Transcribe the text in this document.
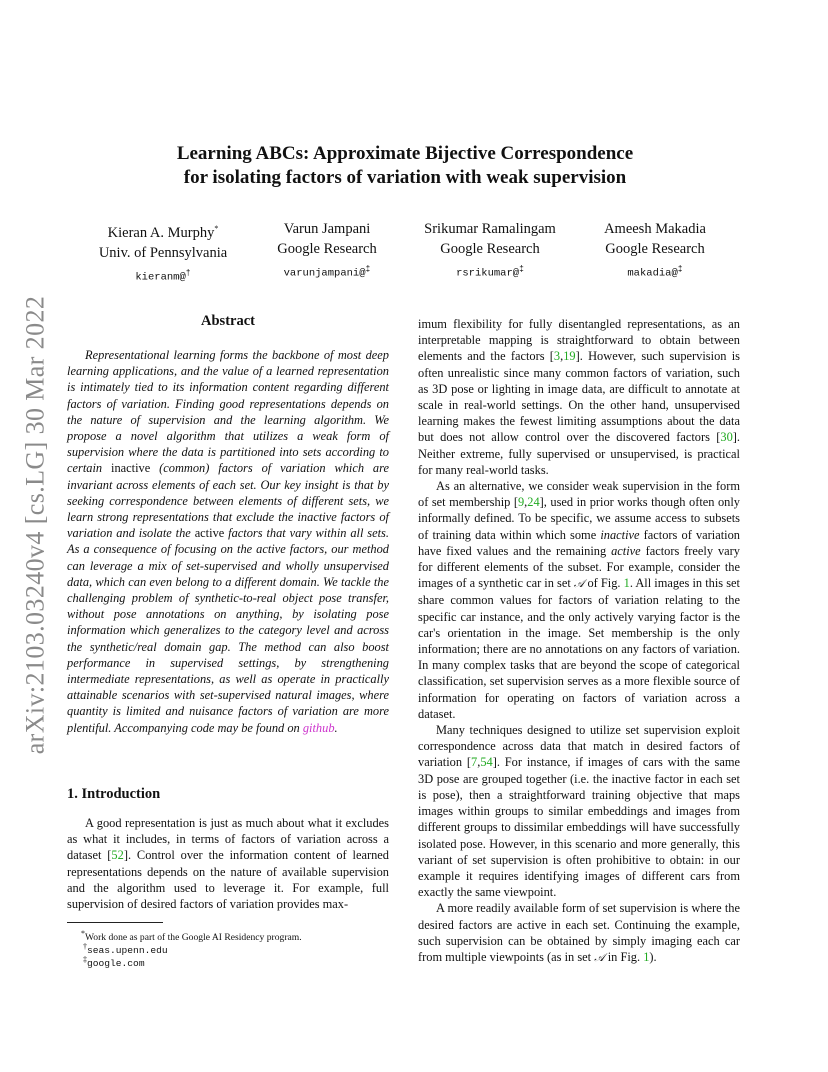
arXiv:2103.03240v4 [cs.LG] 30 Mar 2022
Learning ABCs: Approximate Bijective Correspondence
for isolating factors of variation with weak supervision
Kieran A. Murphy*
Univ. of Pennsylvania
kieranm@†
Varun Jampani
Google Research
varunjampani@‡
Srikumar Ramalingam
Google Research
rsrikumar@‡
Ameesh Makadia
Google Research
makadia@‡
Abstract

Representational learning forms the backbone of most deep learning applications, and the value of a learned representation is intimately tied to its information content regarding different factors of variation. Finding good representations depends on the nature of supervision and the learning algorithm. We propose a novel algorithm that utilizes a weak form of supervision where the data is partitioned into sets according to certain inactive (common) factors of variation which are invariant across elements of each set. Our key insight is that by seeking correspondence between elements of different sets, we learn strong representations that exclude the inactive factors of variation and isolate the active factors that vary within all sets. As a consequence of focusing on the active factors, our method can leverage a mix of set-supervised and wholly unsupervised data, which can even belong to a different domain. We tackle the challenging problem of synthetic-to-real object pose transfer, without pose annotations on anything, by isolating pose information which generalizes to the category level and across the synthetic/real domain gap. The method can also boost performance in supervised settings, by strengthening intermediate representations, as well as operate in practically attainable scenarios with set-supervised natural images, where quantity is limited and nuisance factors of variation are more plentiful. Accompanying code may be found on github.

1. Introduction

A good representation is just as much about what it excludes as what it includes, in terms of factors of variation across a dataset [52]. Control over the information content of learned representations depends on the nature of available supervision and the algorithm used to leverage it. For example, full supervision of desired factors of variation provides max-

*Work done as part of the Google AI Residency program.
†seas.upenn.edu
‡google.com

imum flexibility for fully disentangled representations, as an interpretable mapping is straightforward to obtain between elements and the factors [3,19]. However, such supervision is often unrealistic since many common factors of variation, such as 3D pose or lighting in image data, are difficult to annotate at scale in real-world settings. On the other hand, unsupervised learning makes the fewest limiting assumptions about the data but does not allow control over the discovered factors [30]. Neither extreme, fully supervised or unsupervised, is practical for many real-world tasks.

As an alternative, we consider weak supervision in the form of set membership [9,24], used in prior works though often only informally defined. To be specific, we assume access to subsets of training data within which some inactive factors of variation have fixed values and the remaining active factors freely vary for different elements of the subset. For example, consider the images of a synthetic car in set 𝒜 of Fig. 1. All images in this set share common values for factors of variation relating to the specific car instance, and the only actively varying factor is the car's orientation in the image. Set membership is the only information; there are no annotations on any factors of variation. In many complex tasks that are beyond the scope of categorical classification, set supervision serves as a more flexible source of information for operating on factors of variation across a dataset.

Many techniques designed to utilize set supervision exploit correspondence across data that match in desired factors of variation [7,54]. For instance, if images of cars with the same 3D pose are grouped together (i.e. the inactive factor in each set is pose), then a straightforward training objective that maps images within groups to similar embeddings and images from different groups to dissimilar embeddings will have successfully isolated pose. However, in this scenario and more generally, this variant of set supervision is often prohibitive to obtain: in our example it requires identifying images of different cars from exactly the same viewpoint.

A more readily available form of set supervision is where the desired factors are active in each set. Continuing the example, such supervision can be obtained by simply imaging each car from multiple viewpoints (as in set 𝒜 in Fig. 1).
